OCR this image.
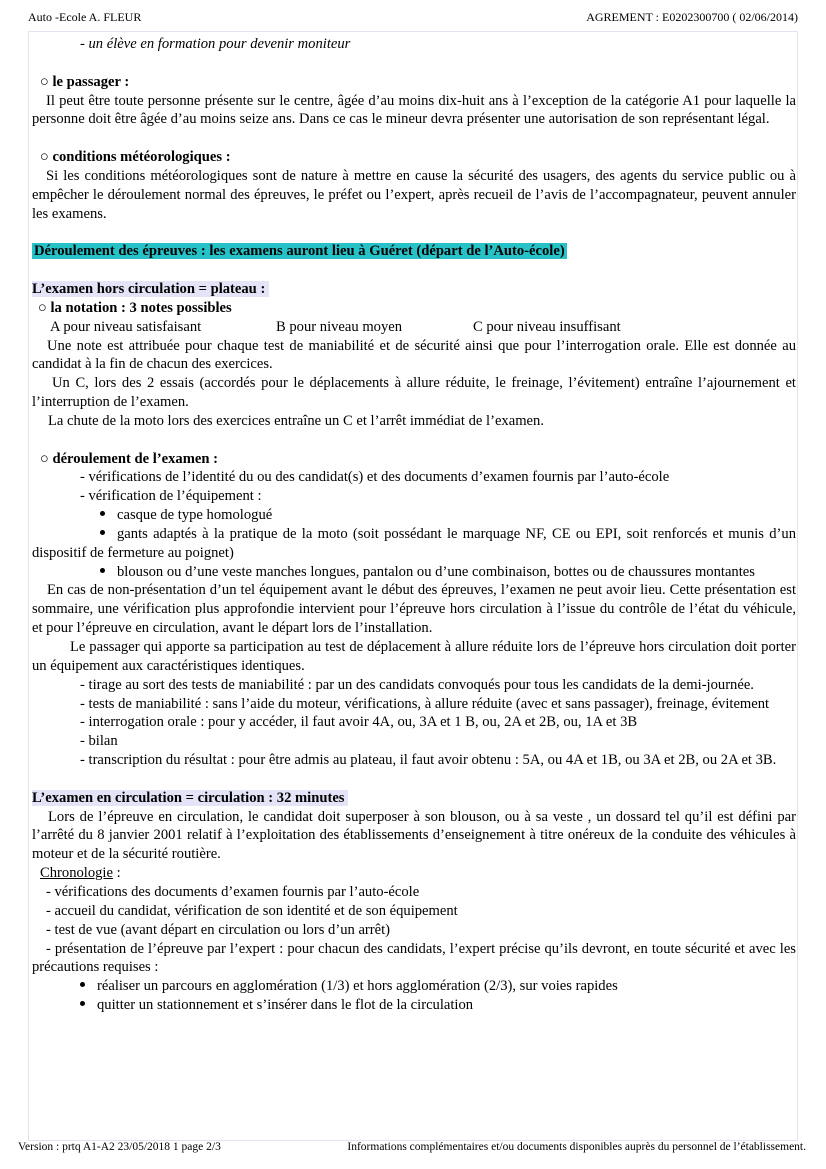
Auto -Ecole A. FLEUR	AGREMENT : E0202300700 ( 02/06/2014)

- un élève en formation pour devenir moniteur

○ le passager :

Il peut être toute personne présente sur le centre, âgée d’au moins dix-huit ans à l’exception de la catégorie A1 pour laquelle la personne doit être âgée d’au moins seize ans. Dans ce cas le mineur devra présenter une autorisation de son représentant légal.

○ conditions météorologiques :

Si les conditions météorologiques sont de nature à mettre en cause la sécurité des usagers, des agents du service public ou à empêcher le déroulement normal des épreuves, le préfet ou l’expert, après recueil de l’avis de l’accompagnateur, peuvent annuler les examens.

Déroulement des épreuves : les examens auront lieu à Guéret (départ de l’Auto-école)

L’examen hors circulation = plateau :

○ la notation : 3 notes possibles

A pour niveau satisfaisant	B pour niveau moyen	C pour niveau insuffisant

Une note est attribuée pour chaque test de maniabilité et de sécurité ainsi que pour l’interrogation orale. Elle est donnée au candidat à la fin de chacun des exercices.

Un C, lors des 2 essais (accordés pour le déplacements à allure réduite, le freinage, l’évitement) entraîne l’ajournement et l’interruption de l’examen.

La chute de la moto lors des exercices entraîne un C et l’arrêt immédiat de l’examen.

○ déroulement de l’examen :

- vérifications de l’identité du ou des candidat(s) et des documents d’examen fournis par l’auto-école

- vérification de l’équipement :

casque de type homologué

gants adaptés à la pratique de la moto (soit possédant le marquage NF, CE ou EPI, soit renforcés et munis d’un dispositif de fermeture au poignet)

blouson ou d’une veste manches longues, pantalon ou d’une combinaison, bottes ou de chaussures montantes

En cas de non-présentation d’un tel équipement avant le début des épreuves, l’examen ne peut avoir lieu. Cette présentation est sommaire, une vérification plus approfondie intervient pour l’épreuve hors circulation à l’issue du contrôle de l’état du véhicule, et pour l’épreuve en circulation, avant le départ lors de l’installation.

Le passager qui apporte sa participation au test de déplacement à allure réduite lors de l’épreuve hors circulation doit porter un équipement aux caractéristiques identiques.

- tirage au sort des tests de maniabilité : par un des candidats convoqués pour tous les candidats de la demi-journée.

- tests de maniabilité : sans l’aide du moteur, vérifications, à allure réduite (avec et sans passager), freinage, évitement

- interrogation orale : pour y accéder, il faut avoir 4A, ou, 3A et 1 B, ou, 2A et 2B, ou, 1A et 3B

- bilan

- transcription du résultat : pour être admis au plateau, il faut avoir obtenu : 5A, ou 4A et 1B, ou 3A et 2B, ou 2A et 3B.

L’examen en circulation = circulation : 32 minutes

Lors de l’épreuve en circulation, le candidat doit superposer à son blouson, ou à sa veste , un dossard tel qu’il est défini par l’arrêté du 8 janvier 2001 relatif à l’exploitation des établissements d’enseignement à titre onéreux de la conduite des véhicules à moteur et de la sécurité routière.

Chronologie :

- vérifications des documents d’examen fournis par l’auto-école

- accueil du candidat, vérification de son identité et de son équipement

- test de vue (avant départ en circulation ou lors d’un arrêt)

- présentation de l’épreuve par l’expert : pour chacun des candidats, l’expert précise qu’ils devront, en toute sécurité et avec les précautions requises :

réaliser un parcours en agglomération (1/3) et hors agglomération (2/3), sur voies rapides

quitter un stationnement et s’insérer dans le flot de la circulation

Version : prtq A1-A2 23/05/2018 1 page 2/3	Informations complémentaires et/ou documents disponibles auprès du personnel de l’établissement.
